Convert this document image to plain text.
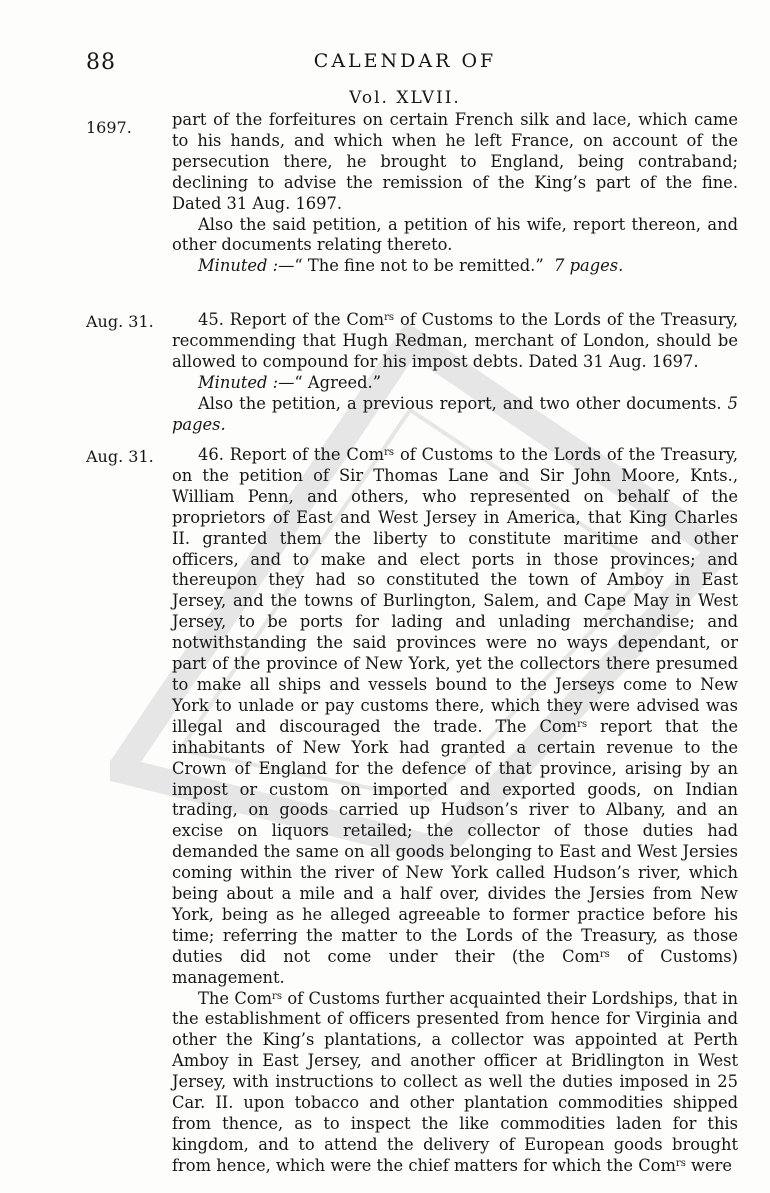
88	CALENDAR OF
Vol. XLVII.
1697. part of the forfeitures on certain French silk and lace, which came to his hands, and which when he left France, on account of the persecution there, he brought to England, being contraband; declining to advise the remission of the King’s part of the fine. Dated 31 Aug. 1697.

Also the said petition, a petition of his wife, report thereon, and other documents relating thereto.

Minuted :—“ The fine not to be remitted.” 7 pages.

Aug. 31.	45. Report of the Com$^{rs}$ of Customs to the Lords of the Treasury, recommending that Hugh Redman, merchant of London, should be allowed to compound for his impost debts. Dated 31 Aug. 1697.

Minuted :—“ Agreed.”

Also the petition, a previous report, and two other documents. 5 pages.

Aug. 31.	46. Report of the Com$^{rs}$ of Customs to the Lords of the Treasury, on the petition of Sir Thomas Lane and Sir John Moore, Knts., William Penn, and others, who represented on behalf of the proprietors of East and West Jersey in America, that King Charles II. granted them the liberty to constitute maritime and other officers, and to make and elect ports in those provinces; and thereupon they had so constituted the town of Amboy in East Jersey, and the towns of Burlington, Salem, and Cape May in West Jersey, to be ports for lading and unlading merchandise; and notwithstanding the said provinces were no ways dependant, or part of the province of New York, yet the collectors there presumed to make all ships and vessels bound to the Jerseys come to New York to unlade or pay customs there, which they were advised was illegal and discouraged the trade. The Com$^{rs}$ report that the inhabitants of New York had granted a certain revenue to the Crown of England for the defence of that province, arising by an impost or custom on imported and exported goods, on Indian trading, on goods carried up Hudson’s river to Albany, and an excise on liquors retailed; the collector of those duties had demanded the same on all goods belonging to East and West Jersies coming within the river of New York called Hudson’s river, which being about a mile and a half over, divides the Jersies from New York, being as he alleged agreeable to former practice before his time; referring the matter to the Lords of the Treasury, as those duties did not come under their (the Com$^{rs}$ of Customs) management.

The Com$^{rs}$ of Customs further acquainted their Lordships, that in the establishment of officers presented from hence for Virginia and other the King’s plantations, a collector was appointed at Perth Amboy in East Jersey, and another officer at Bridlington in West Jersey, with instructions to collect as well the duties imposed in 25 Car. II. upon tobacco and other plantation commodities shipped from thence, as to inspect the like commodities laden for this kingdom, and to attend the delivery of European goods brought from hence, which were the chief matters for which the Com$^{rs}$ were
